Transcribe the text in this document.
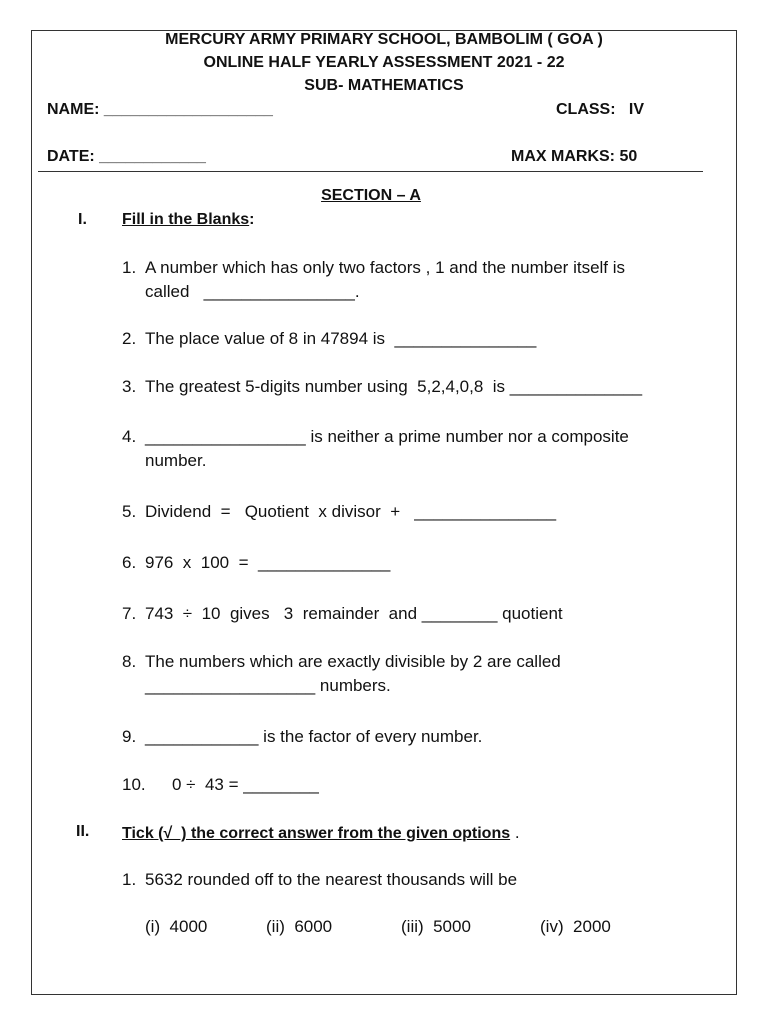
MERCURY ARMY PRIMARY SCHOOL, BAMBOLIM ( GOA )
ONLINE HALF YEARLY ASSESSMENT 2021 - 22
SUB- MATHEMATICS
NAME: ___________________	CLASS:   IV
DATE: ____________	MAX MARKS: 50
SECTION – A
I. Fill in the Blanks:
1. A number which has only two factors , 1 and the number itself is
called   ________________.
2. The place value of 8 in 47894 is  _______________
3. The greatest 5-digits number using  5,2,4,0,8  is ______________
4. _________________ is neither a prime number nor a composite
number.
5. Dividend  =   Quotient  x divisor  +   _______________
6. 976  x  100  =  ______________
7. 743  ÷  10  gives   3  remainder  and ________ quotient
8. The numbers which are exactly divisible by 2 are called
__________________ numbers.
9. ____________ is the factor of every number.
10. 0 ÷  43 = ________
II. Tick (√  ) the correct answer from the given options .
1. 5632 rounded off to the nearest thousands will be
(i)  4000	(ii)  6000	(iii)  5000	(iv)  2000
